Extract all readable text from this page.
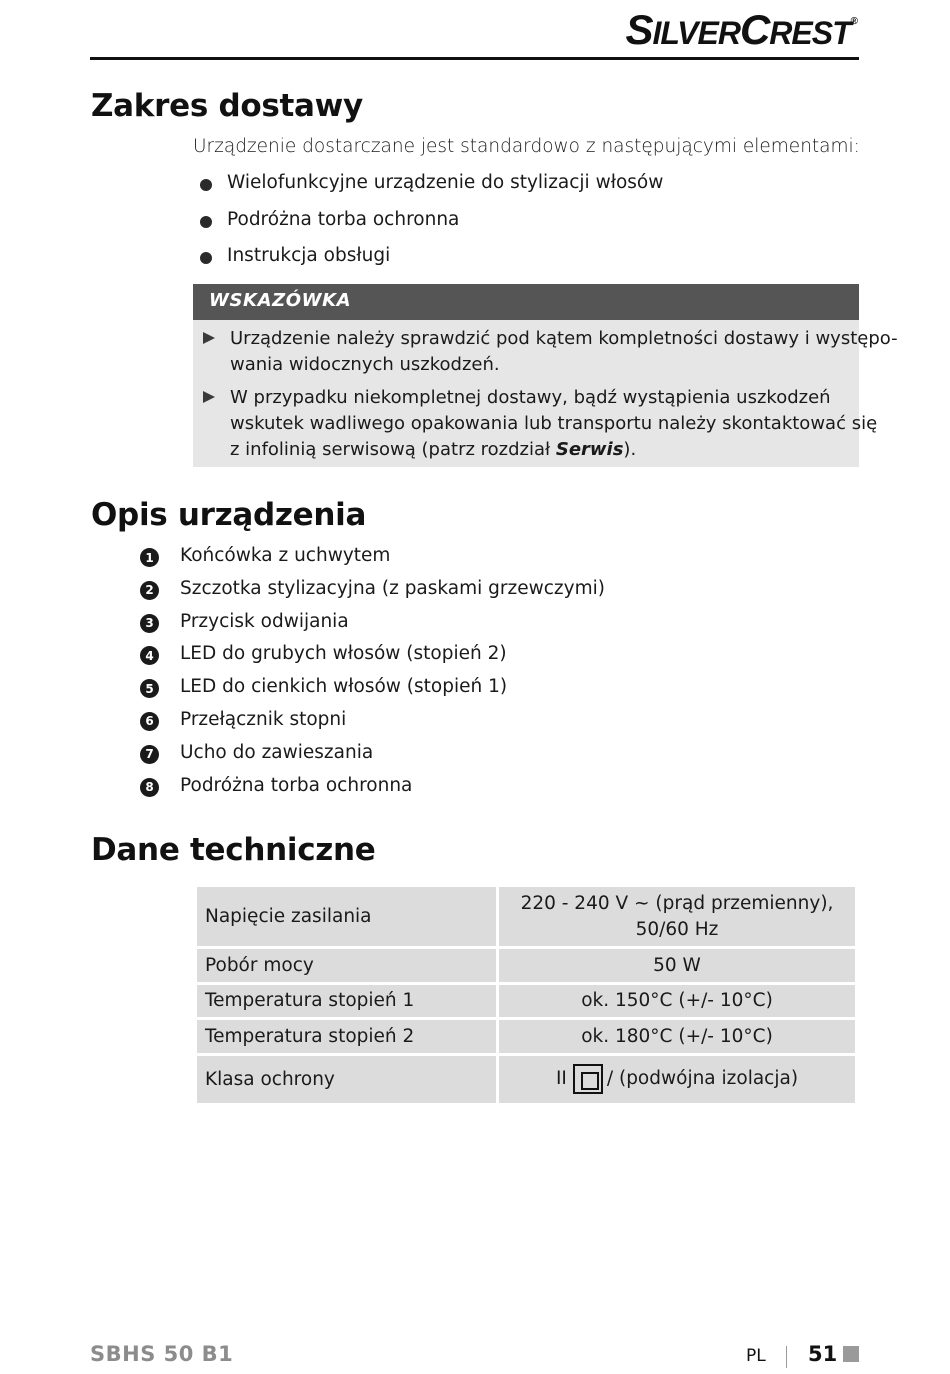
SILVERCREST®
Zakres dostawy
Urządzenie dostarczane jest standardowo z następującymi elementami:
Wielofunkcyjne urządzenie do stylizacji włosów
Podróżna torba ochronna
Instrukcja obsługi
WSKAZÓWKA
Urządzenie należy sprawdzić pod kątem kompletności dostawy i występo-
wania widocznych uszkodzeń.
W przypadku niekompletnej dostawy, bądź wystąpienia uszkodzeń
wskutek wadliwego opakowania lub transportu należy skontaktować się
z infolinią serwisową (patrz rozdział Serwis).
Opis urządzenia
1 Końcówka z uchwytem
2 Szczotka stylizacyjna (z paskami grzewczymi)
3 Przycisk odwijania
4 LED do grubych włosów (stopień 2)
5 LED do cienkich włosów (stopień 1)
6 Przełącznik stopni
7 Ucho do zawieszania
8 Podróżna torba ochronna
Dane techniczne
Napięcie zasilania	220 - 240 V ~ (prąd przemienny),
50/60 Hz

Pobór mocy	50 W
Temperatura stopień 1	ok. 150°C (+/- 10°C)
Temperatura stopień 2	ok. 180°C (+/- 10°C)
Klasa ochrony	II / (podwójna izolacja)
SBHS 50 B1	PL 51
